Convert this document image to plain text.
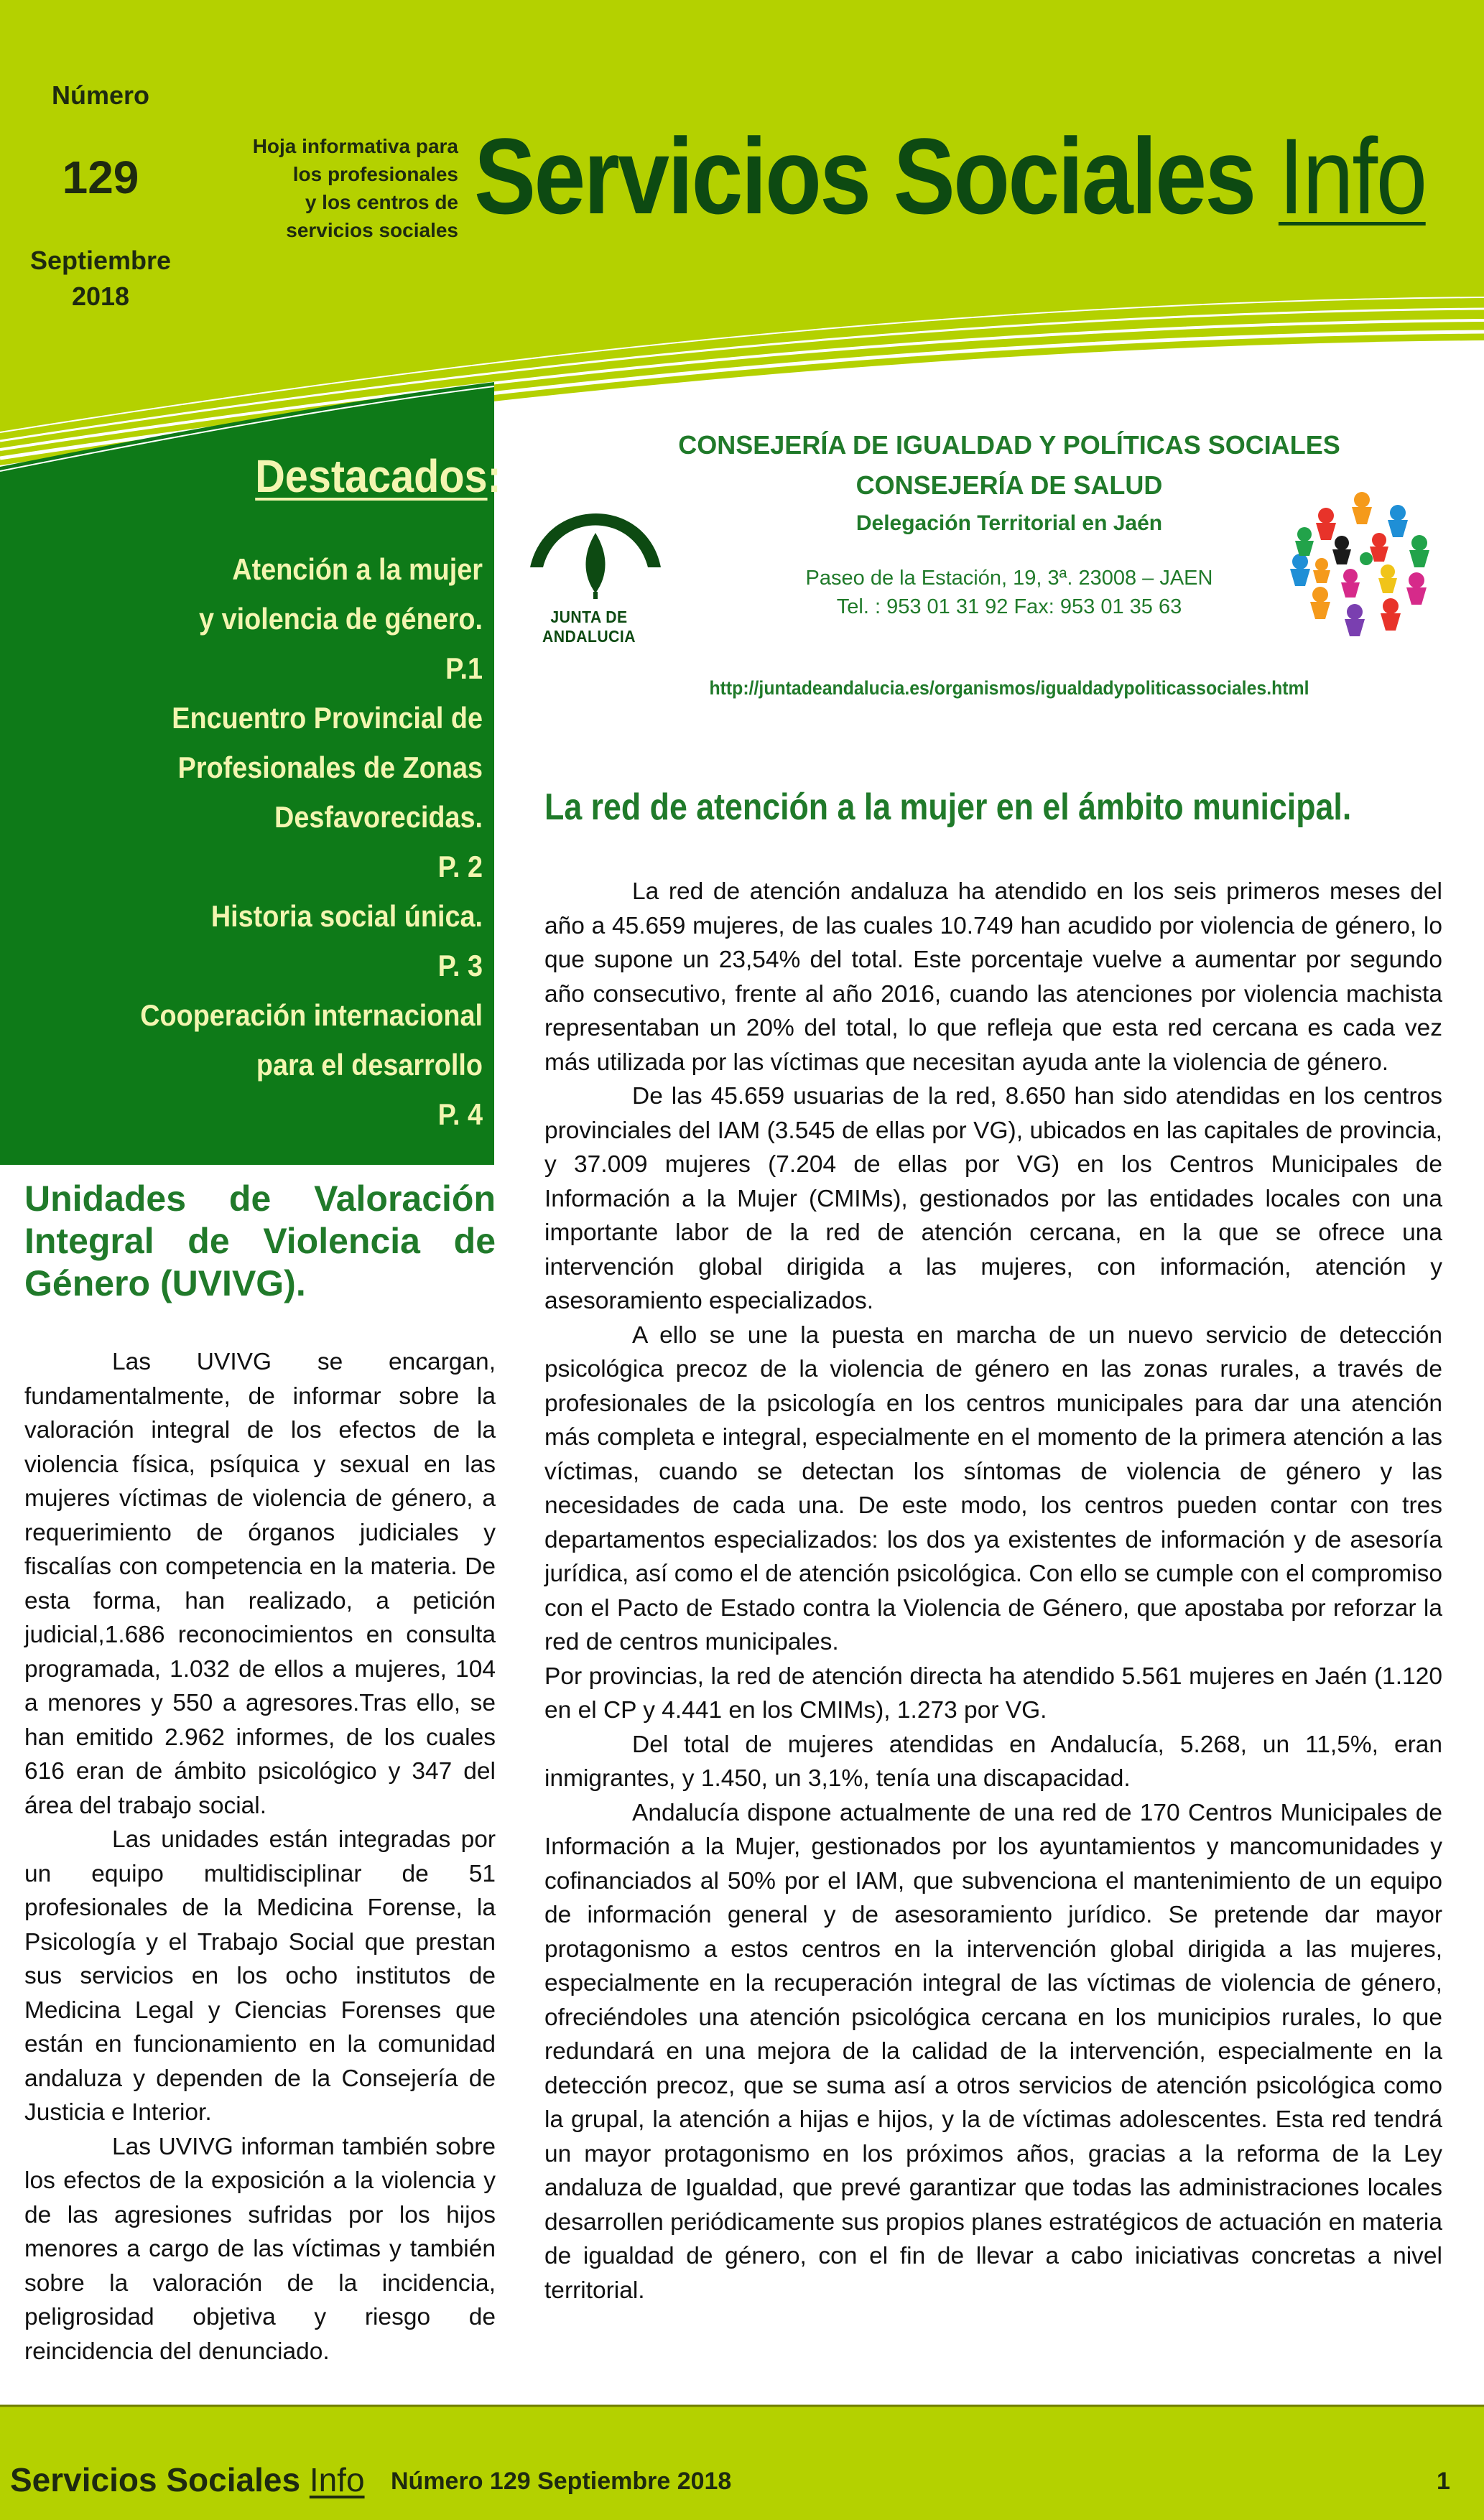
Número
129
Septiembre
2018
Hoja informativa para
los profesionales
y los centros de
servicios sociales Servicios Sociales Info
Destacados:
Atención a la mujer
y violencia de género.
P.1
Encuentro Provincial de
Profesionales de Zonas
Desfavorecidas.
P. 2
Historia social única.
P. 3
Cooperación internacional
para el desarrollo
P. 4
JUNTA DE ANDALUCIA
CONSEJERÍA DE IGUALDAD Y POLÍTICAS SOCIALES
CONSEJERÍA DE SALUD
Delegación Territorial en Jaén
Paseo de la Estación, 19, 3ª. 23008 – JAEN
Tel. : 953 01 31 92 Fax: 953 01 35 63
http://juntadeandalucia.es/organismos/igualdadypoliticassociales.html
Unidades de Valoración Integral de Violencia de Género (UVIVG).

Las UVIVG se encargan, fundamentalmente, de informar sobre la valoración integral de los efectos de la violencia física, psíquica y sexual en las mujeres víctimas de violencia de género, a requerimiento de órganos judiciales y fiscalías con competencia en la materia. De esta forma, han realizado, a petición judicial,1.686 reconocimientos en consulta programada, 1.032 de ellos a mujeres, 104 a menores y 550 a agresores.Tras ello, se han emitido 2.962 informes, de los cuales 616 eran de ámbito psicológico y 347 del área del trabajo social.

Las unidades están integradas por un equipo multidisciplinar de 51 profesionales de la Medicina Forense, la Psicología y el Trabajo Social que prestan sus servicios en los ocho institutos de Medicina Legal y Ciencias Forenses que están en funcionamiento en la comunidad andaluza y dependen de la Consejería de Justicia e Interior.

Las UVIVG informan también sobre los efectos de la exposición a la violencia y de las agresiones sufridas por los hijos menores a cargo de las víctimas y también sobre la valoración de la incidencia, peligrosidad objetiva y riesgo de reincidencia del denunciado.

La red de atención a la mujer en el ámbito municipal.

La red de atención andaluza ha atendido en los seis primeros meses del año a 45.659 mujeres, de las cuales 10.749 han acudido por violencia de género, lo que supone un 23,54% del total. Este porcentaje vuelve a aumentar por segundo año consecutivo, frente al año 2016, cuando las atenciones por violencia machista representaban un 20% del total, lo que refleja que esta red cercana es cada vez más utilizada por las víctimas que necesitan ayuda ante la violencia de género.

De las 45.659 usuarias de la red, 8.650 han sido atendidas en los centros provinciales del IAM (3.545 de ellas por VG), ubicados en las capitales de provincia, y 37.009 mujeres (7.204 de ellas por VG) en los Centros Municipales de Información a la Mujer (CMIMs), gestionados por las entidades locales con una importante labor de la red de atención cercana, en la que se ofrece una intervención global dirigida a las mujeres, con información, atención y asesoramiento especializados.

A ello se une la puesta en marcha de un nuevo servicio de detección psicológica precoz de la violencia de género en las zonas rurales, a través de profesionales de la psicología en los centros municipales para dar una atención más completa e integral, especialmente en el momento de la primera atención a las víctimas, cuando se detectan los síntomas de violencia de género y las necesidades de cada una. De este modo, los centros pueden contar con tres departamentos especializados: los dos ya existentes de información y de asesoría jurídica, así como el de atención psicológica. Con ello se cumple con el compromiso con el Pacto de Estado contra la Violencia de Género, que apostaba por reforzar la red de centros municipales.

Por provincias, la red de atención directa ha atendido 5.561 mujeres en Jaén (1.120 en el CP y 4.441 en los CMIMs), 1.273 por VG.

Del total de mujeres atendidas en Andalucía, 5.268, un 11,5%, eran inmigrantes, y 1.450, un 3,1%, tenía una discapacidad.

Andalucía dispone actualmente de una red de 170 Centros Municipales de Información a la Mujer, gestionados por los ayuntamientos y mancomunidades y cofinanciados al 50% por el IAM, que subvenciona el mantenimiento de un equipo de información general y de asesoramiento jurídico. Se pretende dar mayor protagonismo a estos centros en la intervención global dirigida a las mujeres, especialmente en la recuperación integral de las víctimas de violencia de género, ofreciéndoles una atención psicológica cercana en los municipios rurales, lo que redundará en una mejora de la calidad de la intervención, especialmente en la detección precoz, que se suma así a otros servicios de atención psicológica como la grupal, la atención a hijas e hijos, y la de víctimas adolescentes. Esta red tendrá un mayor protagonismo en los próximos años, gracias a la reforma de la Ley andaluza de Igualdad, que prevé garantizar que todas las administraciones locales desarrollen periódicamente sus propios planes estratégicos de actuación en materia de igualdad de género, con el fin de llevar a cabo iniciativas concretas a nivel territorial.

Servicios Sociales Info Número 129 Septiembre 2018	1
